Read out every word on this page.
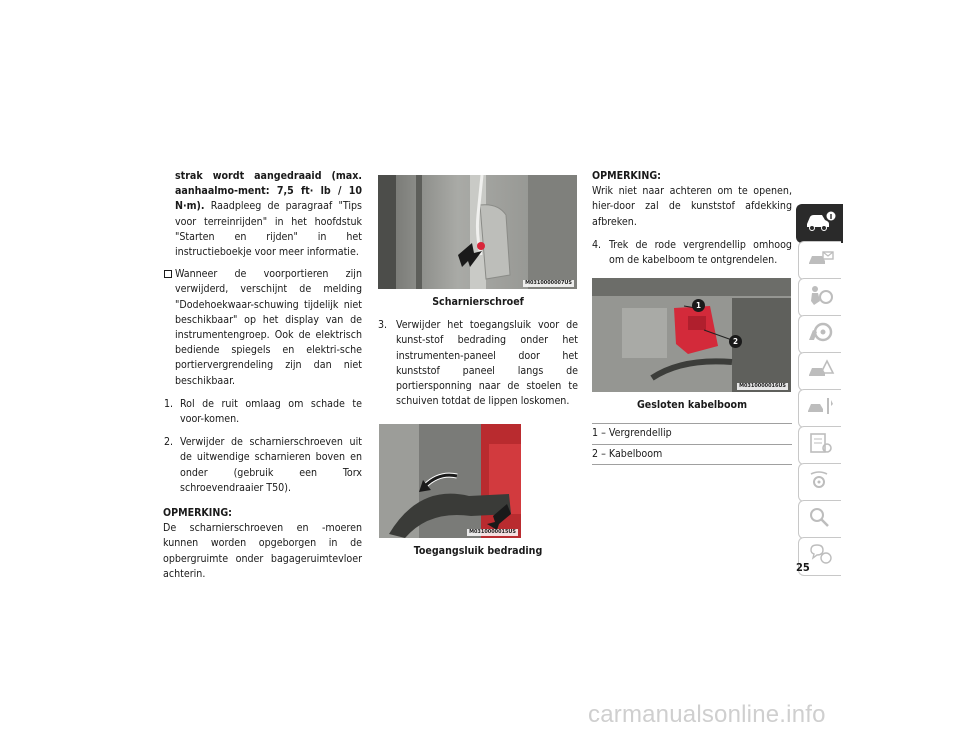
strak wordt aangedraaid (max. aanhaalmo-ment: 7,5 ft· lb / 10 N·m). Raadpleeg de paragraaf "Tips voor terreinrijden" in het hoofdstuk "Starten en rijden" in het instructieboekje voor meer informatie.

Wanneer de voorportieren zijn verwijderd, verschijnt de melding "Dodehoekwaar-schuwing tijdelijk niet beschikbaar" op het display van de instrumentengroep. Ook de elektrisch bediende spiegels en elektri-sche portiervergrendeling zijn dan niet beschikbaar.

1. Rol de ruit omlaag om schade te voor-komen.
2. Verwijder de scharnierschroeven uit de uitwendige scharnieren boven en onder (gebruik een Torx schroevendraaier T50).

OPMERKING:

De scharnierschroeven en -moeren kunnen worden opgeborgen in de opbergruimte onder bagageruimtevloer achterin.

M0310000007US

Scharnierschroef

3. Verwijder het toegangsluik voor de kunst-stof bedrading onder het instrumenten-paneel door het kunststof paneel langs de portiersponning naar de stoelen te schuiven totdat de lippen loskomen.
M0310000015US

Toegangsluik bedrading

OPMERKING:

Wrik niet naar achteren om te openen, hier-door zal de kunststof afdekking afbreken.

4. Trek de rode vergrendellip omhoog om de kabelboom te ontgrendelen.
1
2
M0310000016US

Gesloten kabelboom

1 – Vergrendellip
2 – Kabelboom
25
carmanualsonline.info
